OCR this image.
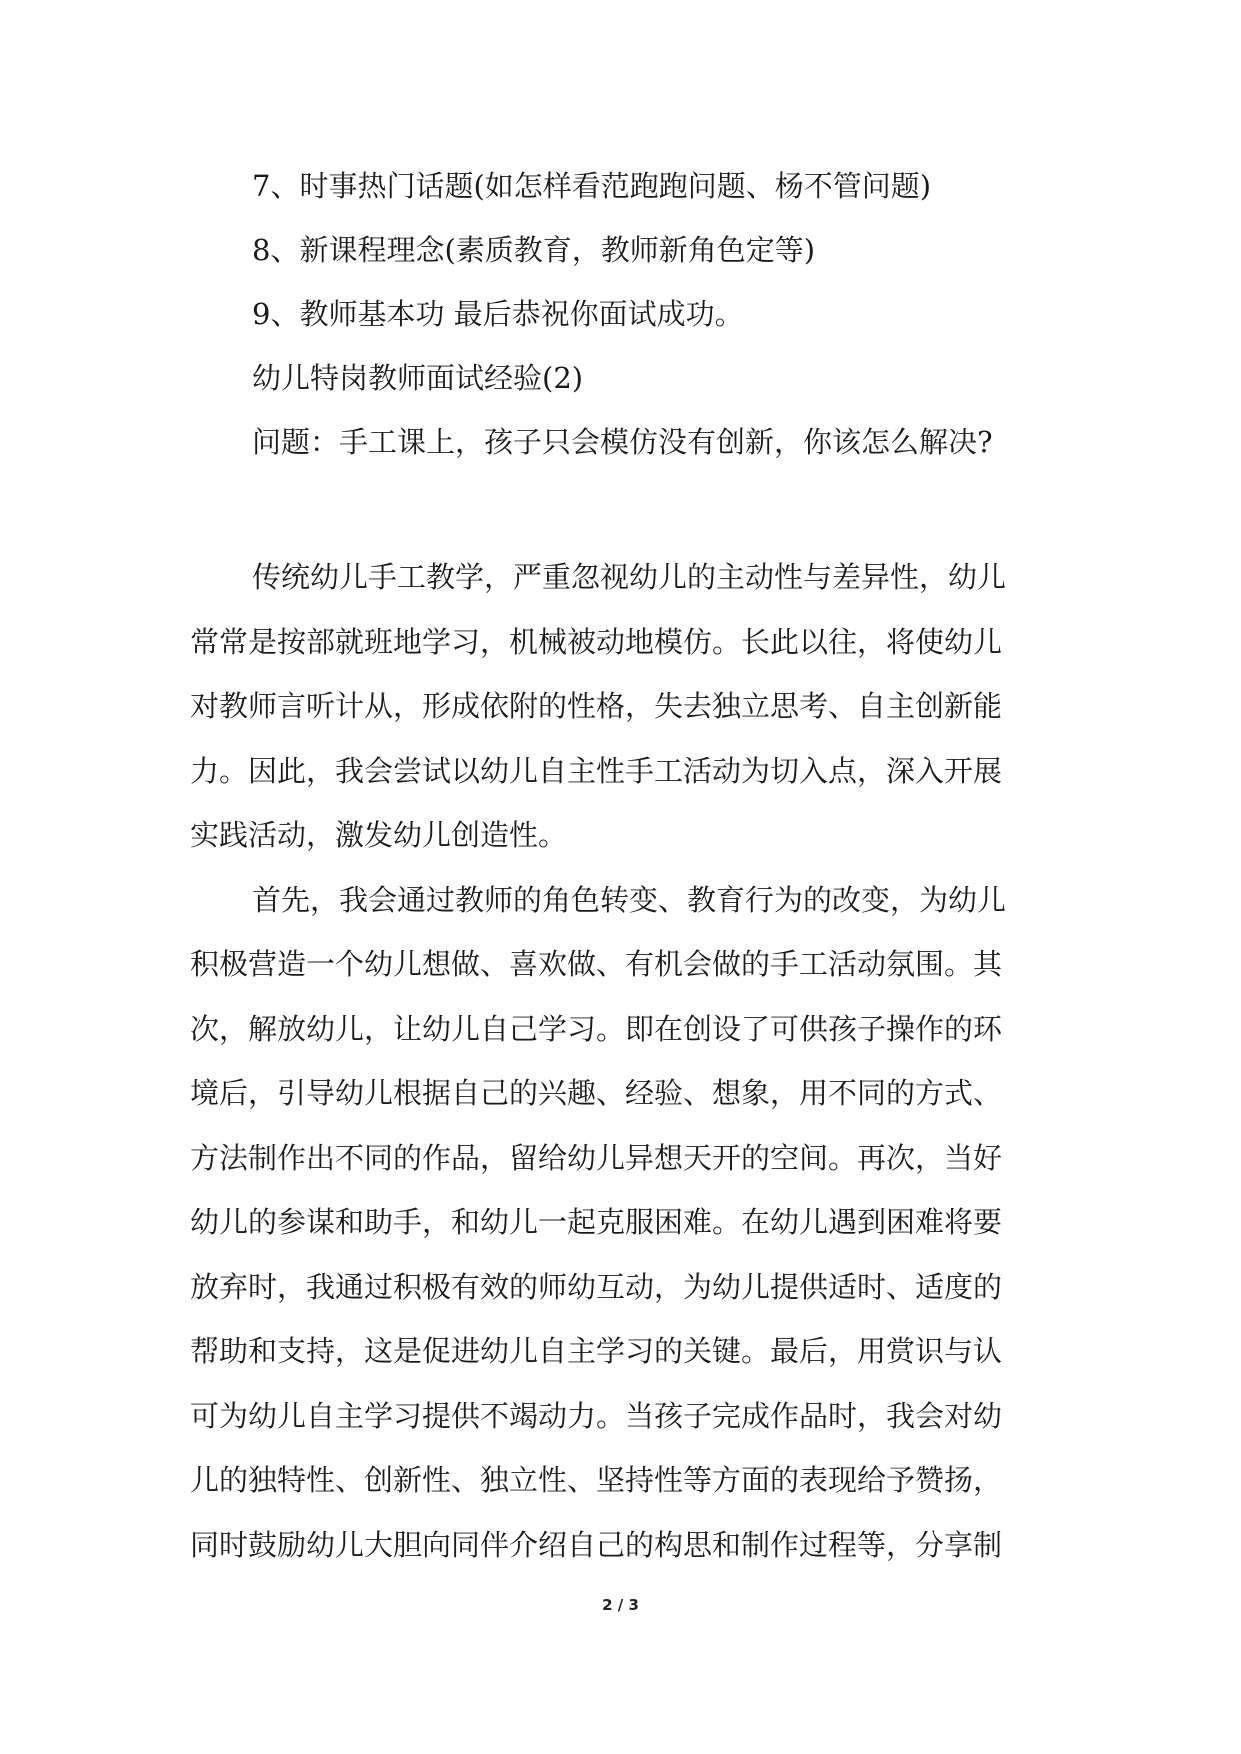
7、时事热门话题(如怎样看范跑跑问题、杨不管问题)
8、新课程理念(素质教育，教师新角色定等)
9、教师基本功 最后恭祝你面试成功。
幼儿特岗教师面试经验(2)
问题：手工课上，孩子只会模仿没有创新，你该怎么解决?
传统幼儿手工教学，严重忽视幼儿的主动性与差异性，幼儿
常常是按部就班地学习，机械被动地模仿。长此以往，将使幼儿
对教师言听计从，形成依附的性格，失去独立思考、自主创新能
力。因此，我会尝试以幼儿自主性手工活动为切入点，深入开展
实践活动，激发幼儿创造性。
首先，我会通过教师的角色转变、教育行为的改变，为幼儿
积极营造一个幼儿想做、喜欢做、有机会做的手工活动氛围。其
次，解放幼儿，让幼儿自己学习。即在创设了可供孩子操作的环
境后，引导幼儿根据自己的兴趣、经验、想象，用不同的方式、
方法制作出不同的作品，留给幼儿异想天开的空间。再次，当好
幼儿的参谋和助手，和幼儿一起克服困难。在幼儿遇到困难将要
放弃时，我通过积极有效的师幼互动，为幼儿提供适时、适度的
帮助和支持，这是促进幼儿自主学习的关键。最后，用赏识与认
可为幼儿自主学习提供不竭动力。当孩子完成作品时，我会对幼
儿的独特性、创新性、独立性、坚持性等方面的表现给予赞扬，
同时鼓励幼儿大胆向同伴介绍自己的构思和制作过程等，分享制
2 / 3
